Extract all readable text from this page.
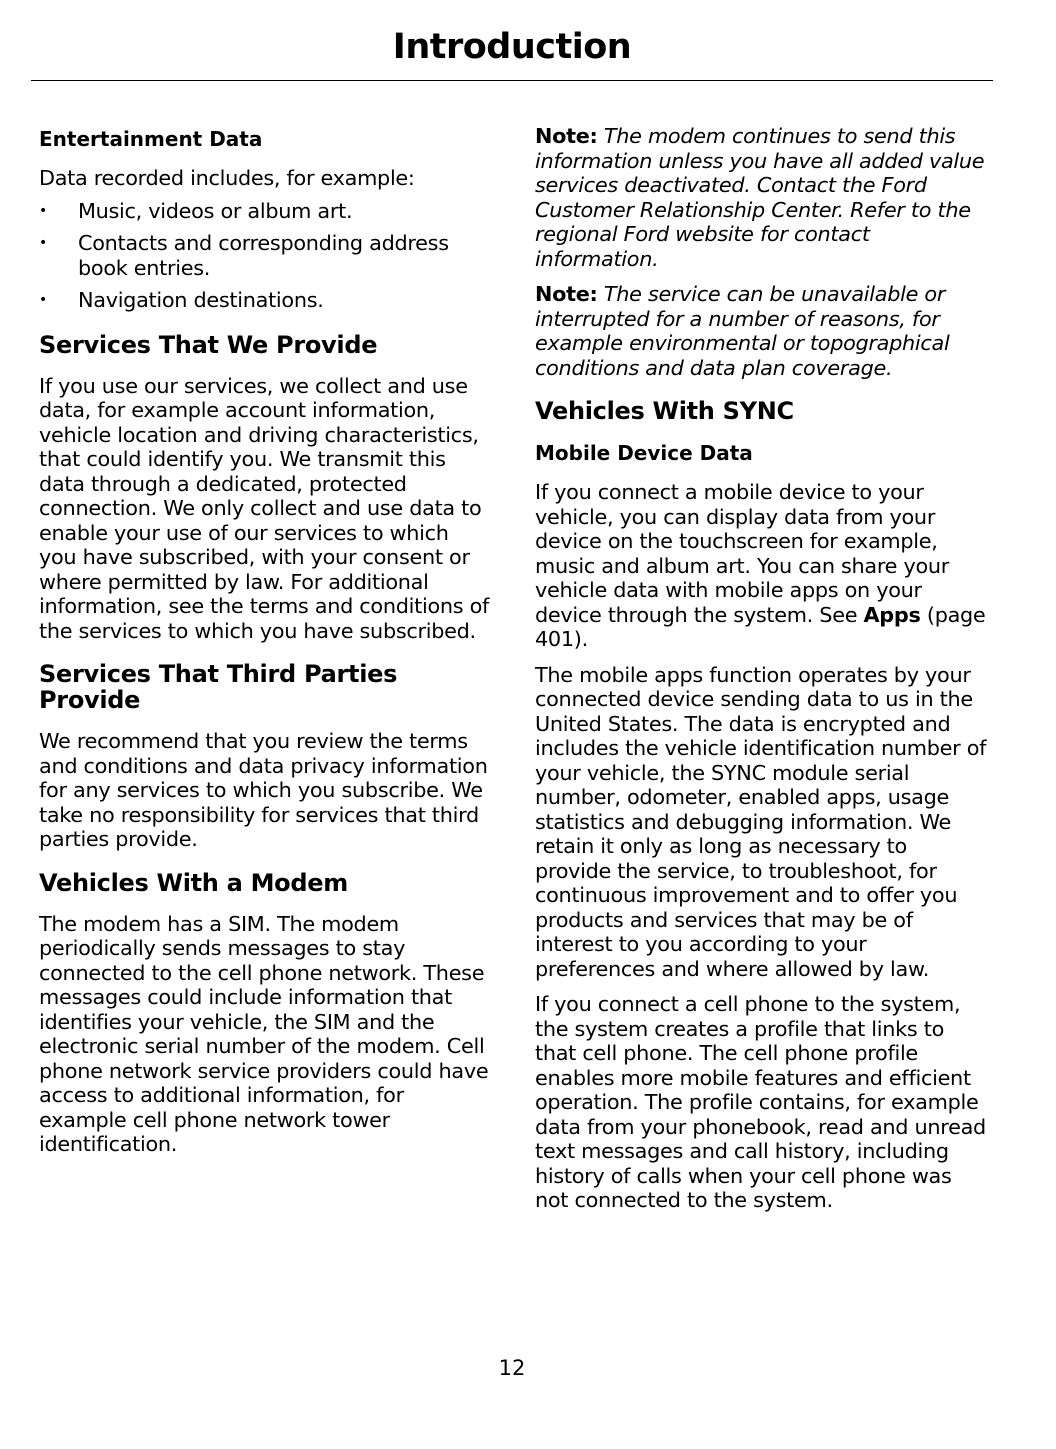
Introduction
Entertainment Data

Data recorded includes, for example:

• Music, videos or album art.
• Contacts and corresponding address book entries.
• Navigation destinations.
Services That We Provide

If you use our services, we collect and use data, for example account information, vehicle location and driving characteristics, that could identify you. We transmit this data through a dedicated, protected connection. We only collect and use data to enable your use of our services to which you have subscribed, with your consent or where permitted by law. For additional information, see the terms and conditions of the services to which you have subscribed.

Services That Third Parties Provide

We recommend that you review the terms and conditions and data privacy information for any services to which you subscribe. We take no responsibility for services that third parties provide.

Vehicles With a Modem

The modem has a SIM. The modem periodically sends messages to stay connected to the cell phone network. These messages could include information that identifies your vehicle, the SIM and the electronic serial number of the modem. Cell phone network service providers could have access to additional information, for example cell phone network tower identification.

Note: The modem continues to send this information unless you have all added value services deactivated. Contact the Ford Customer Relationship Center. Refer to the regional Ford website for contact information.

Note: The service can be unavailable or interrupted for a number of reasons, for example environmental or topographical conditions and data plan coverage.

Vehicles With SYNC
Mobile Device Data

If you connect a mobile device to your vehicle, you can display data from your device on the touchscreen for example, music and album art. You can share your vehicle data with mobile apps on your device through the system. See Apps (page 401).

The mobile apps function operates by your connected device sending data to us in the United States. The data is encrypted and includes the vehicle identification number of your vehicle, the SYNC module serial number, odometer, enabled apps, usage statistics and debugging information. We retain it only as long as necessary to provide the service, to troubleshoot, for continuous improvement and to offer you products and services that may be of interest to you according to your preferences and where allowed by law.

If you connect a cell phone to the system, the system creates a profile that links to that cell phone. The cell phone profile enables more mobile features and efficient operation. The profile contains, for example data from your phonebook, read and unread text messages and call history, including history of calls when your cell phone was not connected to the system.

12
